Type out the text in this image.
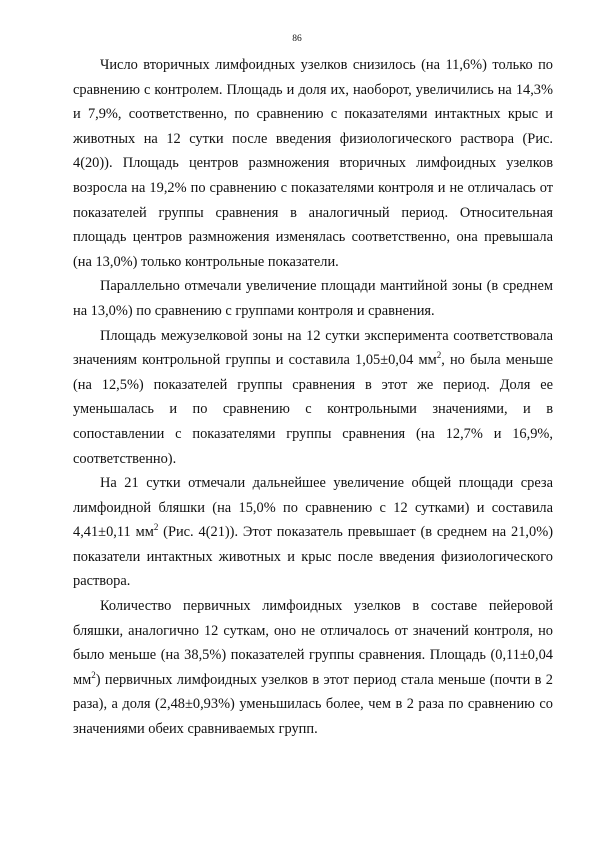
86

Число вторичных лимфоидных узелков снизилось (на 11,6%) только по сравнению с контролем. Площадь и доля их, наоборот, увеличились на 14,3% и 7,9%, соответственно, по сравнению с показателями интактных крыс и животных на 12 сутки после введения физиологического раствора (Рис. 4(20)). Площадь центров размножения вторичных лимфоидных узелков возросла на 19,2% по сравнению с показателями контроля и не отличалась от показателей группы сравнения в аналогичный период. Относительная площадь центров размножения изменялась соответственно, она превышала (на 13,0%) только контрольные показатели.

Параллельно отмечали увеличение площади мантийной зоны (в среднем на 13,0%) по сравнению с группами контроля и сравнения.

Площадь межузелковой зоны на 12 сутки эксперимента соответствовала значениям контрольной группы и составила 1,05±0,04 $мм^2$, но была меньше (на 12,5%) показателей группы сравнения в этот же период. Доля ее уменьшалась и по сравнению с контрольными значениями, и в сопоставлении с показателями группы сравнения (на 12,7% и 16,9%, соответственно).

На 21 сутки отмечали дальнейшее увеличение общей площади среза лимфоидной бляшки (на 15,0% по сравнению с 12 сутками) и составила 4,41±0,11 $мм^2$ (Рис. 4(21)). Этот показатель превышает (в среднем на 21,0%) показатели интактных животных и крыс после введения физиологического раствора.

Количество первичных лимфоидных узелков в составе пейеровой бляшки, аналогично 12 суткам, оно не отличалось от значений контроля, но было меньше (на 38,5%) показателей группы сравнения. Площадь (0,11±0,04 $мм^2$) первичных лимфоидных узелков в этот период стала меньше (почти в 2 раза), а доля (2,48±0,93%) уменьшилась более, чем в 2 раза по сравнению со значениями обеих сравниваемых групп.
